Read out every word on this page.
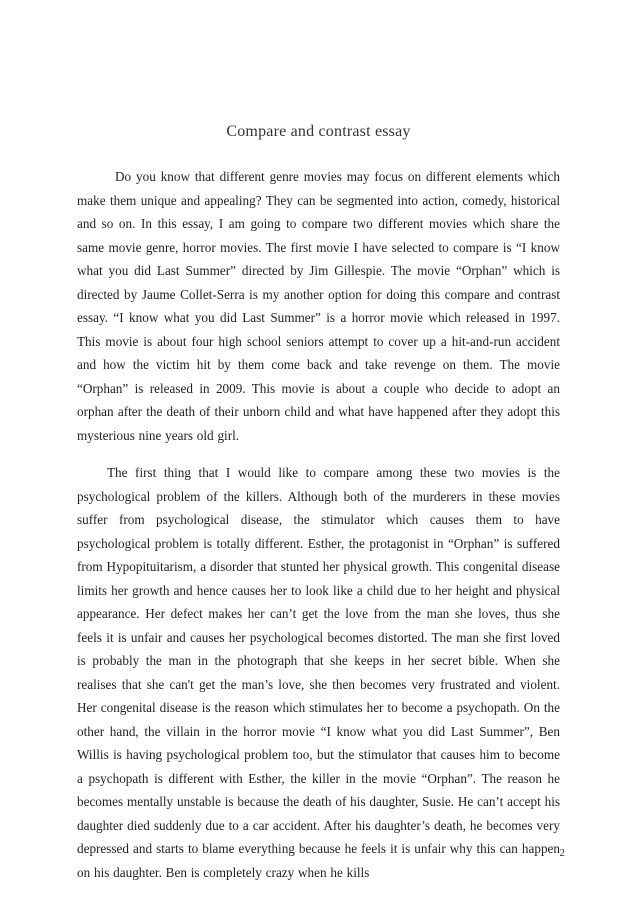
Compare and contrast essay

Do you know that different genre movies may focus on different elements which make them unique and appealing? They can be segmented into action, comedy, historical and so on. In this essay, I am going to compare two different movies which share the same movie genre, horror movies. The first movie I have selected to compare is “I know what you did Last Summer” directed by Jim Gillespie. The movie “Orphan” which is directed by Jaume Collet-Serra is my another option for doing this compare and contrast essay. “I know what you did Last Summer” is a horror movie which released in 1997. This movie is about four high school seniors attempt to cover up a hit-and-run accident and how the victim hit by them come back and take revenge on them. The movie “Orphan” is released in 2009. This movie is about a couple who decide to adopt an orphan after the death of their unborn child and what have happened after they adopt this mysterious nine years old girl.

The first thing that I would like to compare among these two movies is the psychological problem of the killers. Although both of the murderers in these movies suffer from psychological disease, the stimulator which causes them to have psychological problem is totally different. Esther, the protagonist in “Orphan” is suffered from Hypopituitarism, a disorder that stunted her physical growth. This congenital disease limits her growth and hence causes her to look like a child due to her height and physical appearance. Her defect makes her can’t get the love from the man she loves, thus she feels it is unfair and causes her psychological becomes distorted. The man she first loved is probably the man in the photograph that she keeps in her secret bible. When she realises that she can't get the man’s love, she then becomes very frustrated and violent. Her congenital disease is the reason which stimulates her to become a psychopath. On the other hand, the villain in the horror movie “I know what you did Last Summer”, Ben Willis is having psychological problem too, but the stimulator that causes him to become a psychopath is different with Esther, the killer in the movie “Orphan”. The reason he becomes mentally unstable is because the death of his daughter, Susie. He can’t accept his daughter died suddenly due to a car accident. After his daughter’s death, he becomes very depressed and starts to blame everything because he feels it is unfair why this can happen on his daughter. Ben is completely crazy when he kills

2
